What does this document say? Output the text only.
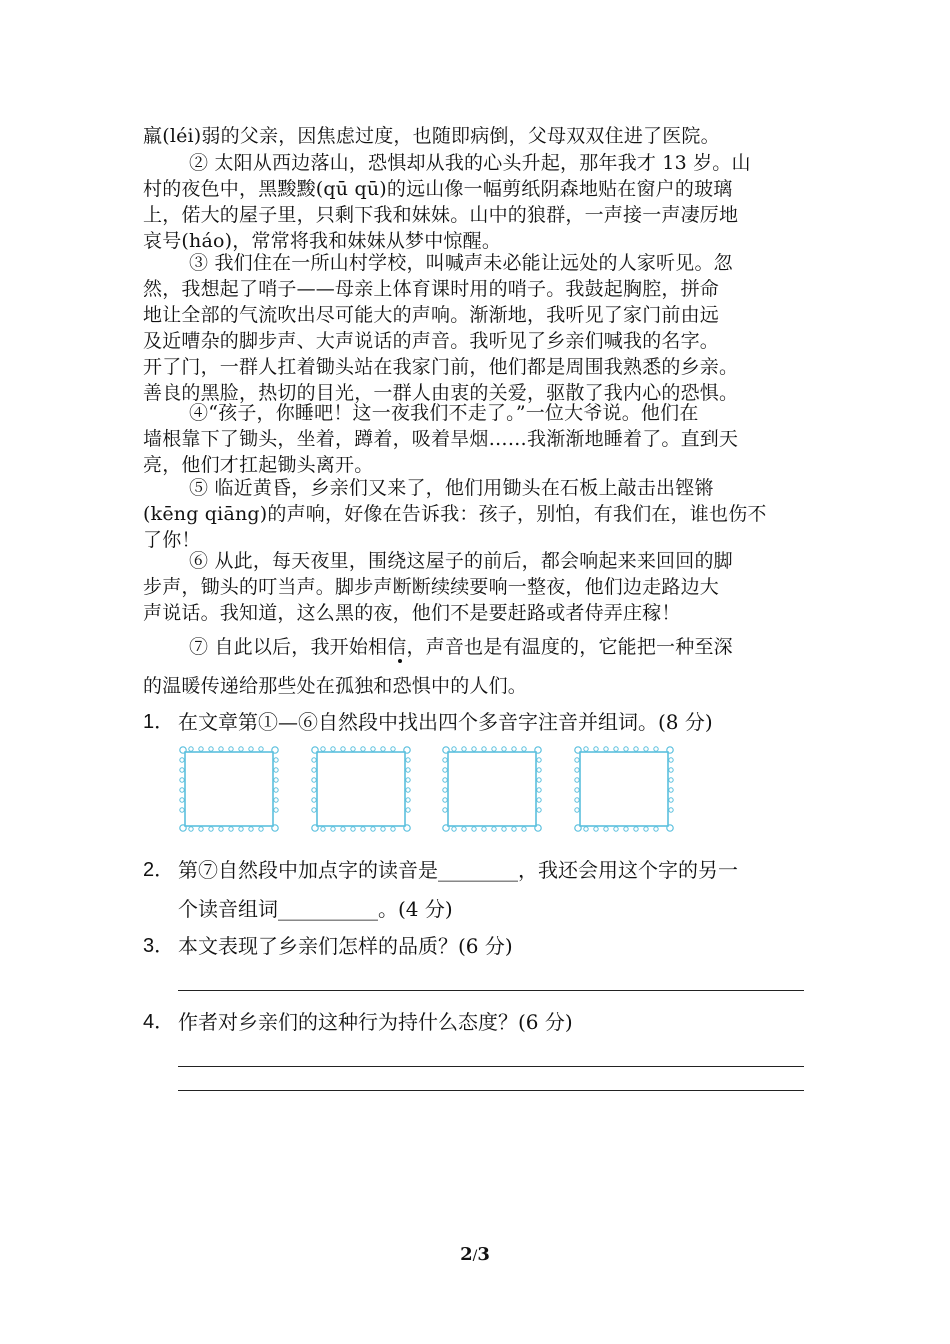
羸(léi)弱的父亲，因焦虑过度，也随即病倒，父母双双住进了医院。
② 太阳从西边落山，恐惧却从我的心头升起，那年我才 13 岁。山
村的夜色中，黑黢黢(qū qū)的远山像一幅剪纸阴森地贴在窗户的玻璃
上，偌大的屋子里，只剩下我和妹妹。山中的狼群，一声接一声凄厉地
哀号(háo)，常常将我和妹妹从梦中惊醒。
③ 我们住在一所山村学校，叫喊声未必能让远处的人家听见。忽
然，我想起了哨子——母亲上体育课时用的哨子。我鼓起胸腔，拼命
地让全部的气流吹出尽可能大的声响。渐渐地，我听见了家门前由远
及近嘈杂的脚步声、大声说话的声音。我听见了乡亲们喊我的名字。
开了门，一群人扛着锄头站在我家门前，他们都是周围我熟悉的乡亲。
善良的黑脸，热切的目光，一群人由衷的关爱，驱散了我内心的恐惧。
④“孩子，你睡吧！这一夜我们不走了。”一位大爷说。他们在
墙根靠下了锄头，坐着，蹲着，吸着旱烟……我渐渐地睡着了。直到天
亮，他们才扛起锄头离开。
⑤ 临近黄昏，乡亲们又来了，他们用锄头在石板上敲击出铿锵
(kēng qiāng)的声响，好像在告诉我：孩子，别怕，有我们在，谁也伤不
了你！
⑥ 从此，每天夜里，围绕这屋子的前后，都会响起来来回回的脚
步声，锄头的叮当声。脚步声断断续续要响一整夜，他们边走路边大
声说话。我知道，这么黑的夜，他们不是要赶路或者侍弄庄稼！
⑦ 自此以后，我开始相信，声音也是有温度的，它能把一种至深
的温暖传递给那些处在孤独和恐惧中的人们。
1． 在文章第①—⑥自然段中找出四个多音字注音并组词。(8 分)
2． 第⑦自然段中加点字的读音是________，我还会用这个字的另一
个读音组词__________。(4 分)
3． 本文表现了乡亲们怎样的品质？(6 分)
4． 作者对乡亲们的这种行为持什么态度？(6 分)
2/3
